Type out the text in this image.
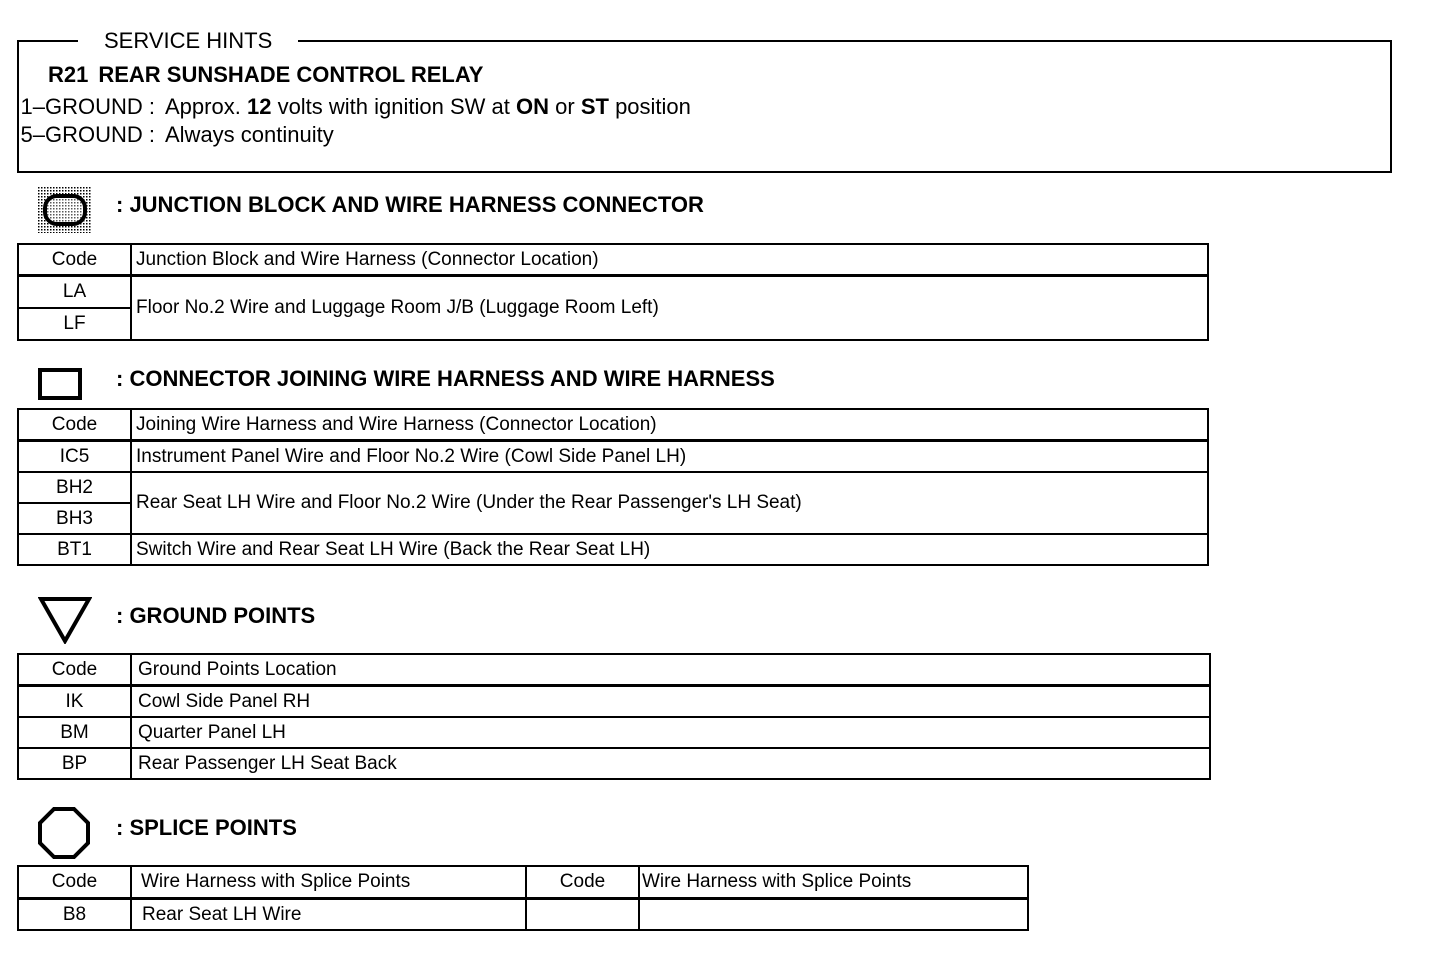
SERVICE HINTS
R21 REAR SUNSHADE CONTROL RELAY
1–GROUND : Approx. 12 volts with ignition SW at ON or ST position
5–GROUND : Always continuity
: JUNCTION BLOCK AND WIRE HARNESS CONNECTOR
Code	Junction Block and Wire Harness (Connector Location)
LA	Floor No.2 Wire and Luggage Room J/B (Luggage Room Left)
LF	
: CONNECTOR JOINING WIRE HARNESS AND WIRE HARNESS
Code	Joining Wire Harness and Wire Harness (Connector Location)
IC5	Instrument Panel Wire and Floor No.2 Wire (Cowl Side Panel LH)
BH2	Rear Seat LH Wire and Floor No.2 Wire (Under the Rear Passenger's LH Seat)
BH3	
BT1	Switch Wire and Rear Seat LH Wire (Back the Rear Seat LH)
: GROUND POINTS
Code	Ground Points Location
IK	Cowl Side Panel RH
BM	Quarter Panel LH
BP	Rear Passenger LH Seat Back
: SPLICE POINTS
Code	Wire Harness with Splice Points	Code	Wire Harness with Splice Points
B8	Rear Seat LH Wire		
